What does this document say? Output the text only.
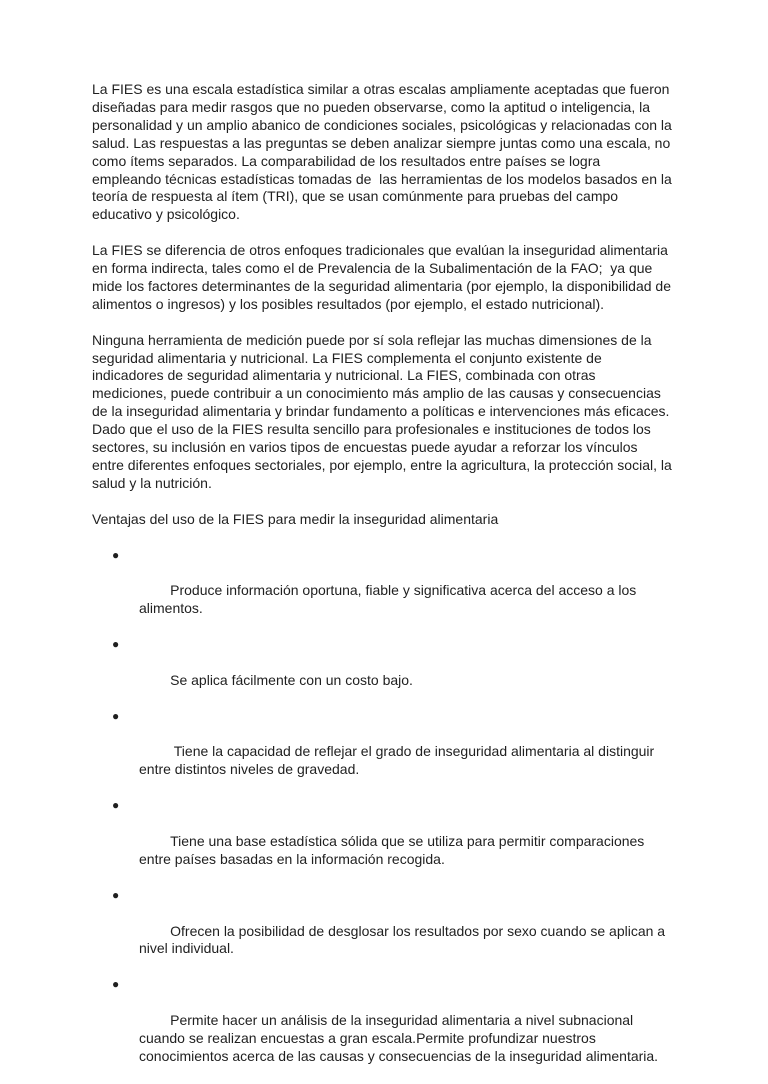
La FIES es una escala estadística similar a otras escalas ampliamente aceptadas que fueron diseñadas para medir rasgos que no pueden observarse, como la aptitud o inteligencia, la personalidad y un amplio abanico de condiciones sociales, psicológicas y relacionadas con la salud. Las respuestas a las preguntas se deben analizar siempre juntas como una escala, no como ítems separados. La comparabilidad de los resultados entre países se logra empleando técnicas estadísticas tomadas de  las herramientas de los modelos basados en la teoría de respuesta al ítem (TRI), que se usan comúnmente para pruebas del campo educativo y psicológico.

La FIES se diferencia de otros enfoques tradicionales que evalúan la inseguridad alimentaria en forma indirecta, tales como el de Prevalencia de la Subalimentación de la FAO;  ya que mide los factores determinantes de la seguridad alimentaria (por ejemplo, la disponibilidad de alimentos o ingresos) y los posibles resultados (por ejemplo, el estado nutricional).

Ninguna herramienta de medición puede por sí sola reflejar las muchas dimensiones de la seguridad alimentaria y nutricional. La FIES complementa el conjunto existente de indicadores de seguridad alimentaria y nutricional. La FIES, combinada con otras mediciones, puede contribuir a un conocimiento más amplio de las causas y consecuencias de la inseguridad alimentaria y brindar fundamento a políticas e intervenciones más eficaces. Dado que el uso de la FIES resulta sencillo para profesionales e instituciones de todos los sectores, su inclusión en varios tipos de encuestas puede ayudar a reforzar los vínculos entre diferentes enfoques sectoriales, por ejemplo, entre la agricultura, la protección social, la salud y la nutrición.

Ventajas del uso de la FIES para medir la inseguridad alimentaria

●

Produce información oportuna, fiable y significativa acerca del acceso a los alimentos.

●

Se aplica fácilmente con un costo bajo.

●

Tiene la capacidad de reflejar el grado de inseguridad alimentaria al distinguir entre distintos niveles de gravedad.

●

Tiene una base estadística sólida que se utiliza para permitir comparaciones entre países basadas en la información recogida.

●

Ofrecen la posibilidad de desglosar los resultados por sexo cuando se aplican a nivel individual.

●

Permite hacer un análisis de la inseguridad alimentaria a nivel subnacional cuando se realizan encuestas a gran escala.Permite profundizar nuestros conocimientos acerca de las causas y consecuencias de la inseguridad alimentaria.
